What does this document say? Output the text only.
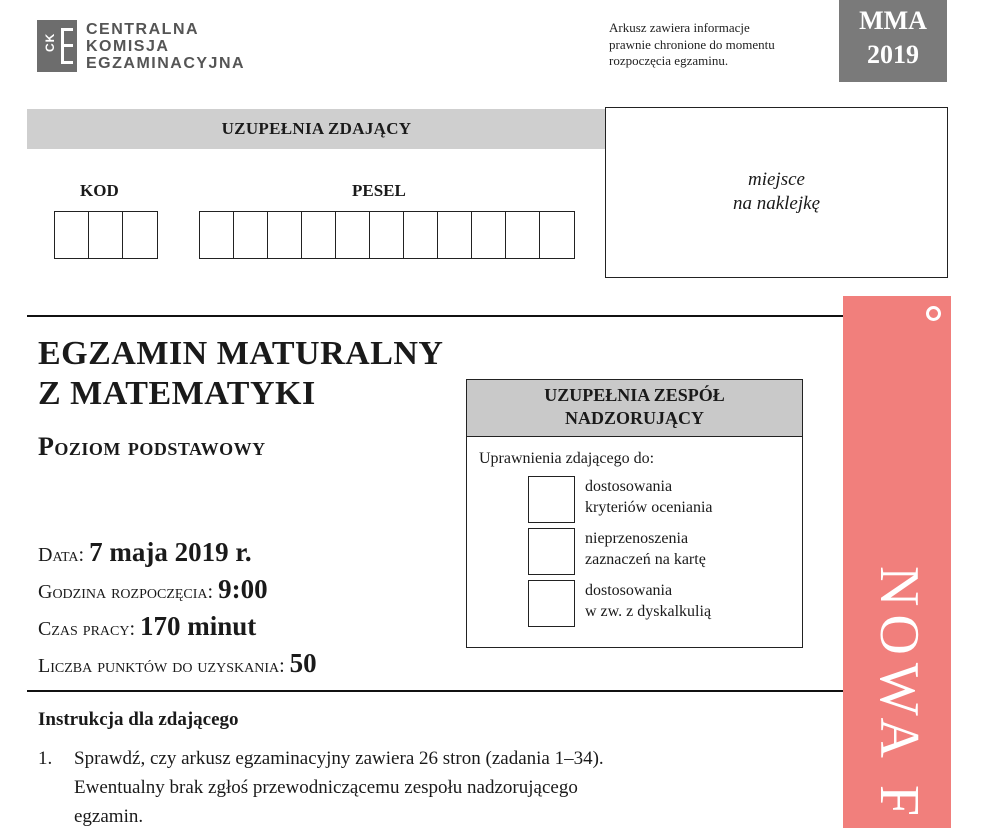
CK
CENTRALNA
KOMISJA
EGZAMINACYJNA
Arkusz zawiera informacje
prawnie chronione do momentu
rozpoczęcia egzaminu.
MMA
2019
UZUPEŁNIA ZDAJĄCY
KOD	PESEL
miejsce
na naklejkę
EGZAMIN MATURALNY
Z MATEMATYKI
Poziom podstawowy
Data: 7 maja 2019 r.
Godzina rozpoczęcia: 9:00
Czas pracy: 170 minut
Liczba punktów do uzyskania: 50
UZUPEŁNIA ZESPÓŁ
NADZORUJĄCY
Uprawnienia zdającego do:
dostosowania
kryteriów oceniania
nieprzenoszenia
zaznaczeń na kartę
dostosowania
w zw. z dyskalkulią	NOWA F
Instrukcja dla zdającego
1. Sprawdź, czy arkusz egzaminacyjny zawiera 26 stron (zadania 1–34).
Ewentualny brak zgłoś przewodniczącemu zespołu nadzorującego
egzamin.
